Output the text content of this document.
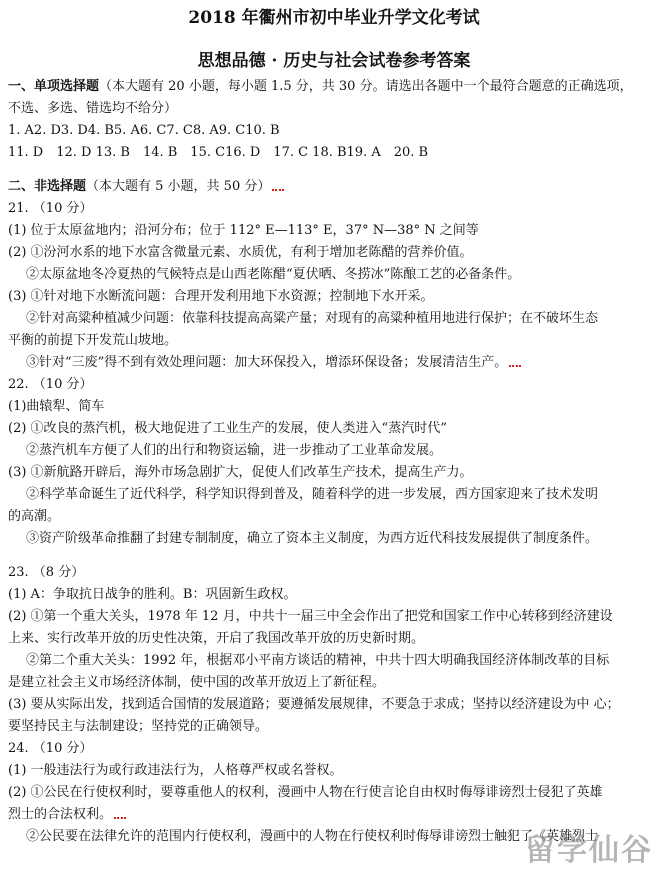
2018 年衢州市初中毕业升学文化考试
思想品德 · 历史与社会试卷参考答案
一、单项选择题（本大题有 20 小题，每小题 1.5 分，共 30 分。请选出各题中一个最符合题意的正确选项，
不选、多选、错选均不给分）
1. A2. D3. D4. B5. A6. C7. C8. A9. C10. B
11. D　12. D 13. B　14. B　15. C16. D　17. C 18. B19. A　20. B
二、非选择题（本大题有 5 小题，共 50 分）
21. （10 分）
(1) 位于太原盆地内；沿河分布；位于 112° E—113° E，37° N—38° N 之间等
(2) ①汾河水系的地下水富含微量元素、水质优，有利于增加老陈醋的营养价值。
②太原盆地冬冷夏热的气候特点是山西老陈醋“夏伏晒、冬捞冰”陈酿工艺的必备条件。
(3) ①针对地下水断流问题：合理开发利用地下水资源；控制地下水开采。
②针对高粱种植减少问题：依靠科技提高高粱产量；对现有的高粱种植用地进行保护；在不破坏生态
平衡的前提下开发荒山坡地。
③针对“三废”得不到有效处理问题：加大环保投入，增添环保设备；发展清洁生产。
22. （10 分）
(1)曲辕犁、简车
(2) ①改良的蒸汽机，极大地促进了工业生产的发展，使人类进入“蒸汽时代”
②蒸汽机车方便了人们的出行和物资运输，进一步推动了工业革命发展。
(3) ①新航路开辟后，海外市场急剧扩大，促使人们改革生产技术，提高生产力。
②科学革命诞生了近代科学，科学知识得到普及，随着科学的进一步发展，西方国家迎来了技术发明
的高潮。
③资产阶级革命推翻了封建专制制度，确立了资本主义制度，为西方近代科技发展提供了制度条件。
23. （8 分）
(1) A：争取抗日战争的胜利。B：巩固新生政权。
(2) ①第一个重大关头，1978 年 12 月，中共十一届三中全会作出了把党和国家工作中心转移到经济建设
上来、实行改革开放的历史性决策，开启了我国改革开放的历史新时期。
②第二个重大关头：1992 年，根据邓小平南方谈话的精神，中共十四大明确我国经济体制改革的目标
是建立社会主义市场经济体制，使中国的改革开放迈上了新征程。
(3) 要从实际出发，找到适合国情的发展道路；要遵循发展规律，不要急于求成；坚持以经济建设为中 心；
要坚持民主与法制建设；坚持党的正确领导。
24. （10 分）
(1) 一般违法行为或行政违法行为，人格尊严权或名誉权。
(2) ①公民在行使权利时，要尊重他人的权利，漫画中人物在行使言论自由权时侮辱诽谤烈士侵犯了英雄
烈士的合法权利。
②公民要在法律允许的范围内行使权利，漫画中的人物在行使权利时侮辱诽谤烈士触犯了《英雄烈士
留学仙谷
